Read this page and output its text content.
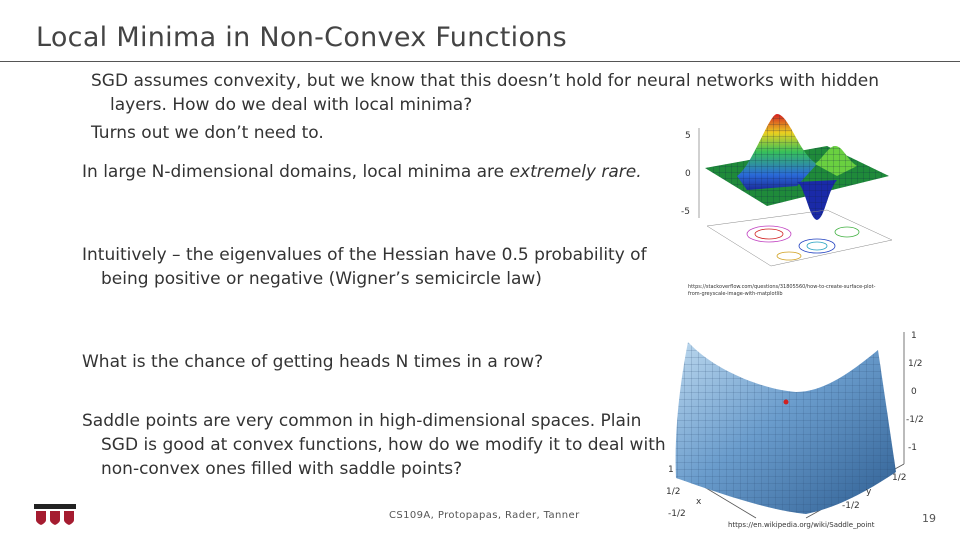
Local Minima in Non-Convex Functions
SGD assumes convexity, but we know that this doesn’t hold for neural networks with hidden layers. How do we deal with local minima?
Turns out we don’t need to.
In large N-dimensional domains, local minima are extremely rare.
Intuitively – the eigenvalues of the Hessian have 0.5 probability of being positive or negative (Wigner’s semicircle law)
What is the chance of getting heads N times in a row?
Saddle points are very common in high-dimensional spaces. Plain SGD is good at convex functions, how do we modify it to deal with non-convex ones filled with saddle points?
5
0
-5
https://stackoverflow.com/questions/31805560/how-to-create-surface-plot-
from-greyscale-image-with-matplotlib
1
1/2
0
-1/2
-1
1/2
y
-1/2
1
1/2
x
-1/2
https://en.wikipedia.org/wiki/Saddle_point
CS109A, Protopapas, Rader, Tanner	19
